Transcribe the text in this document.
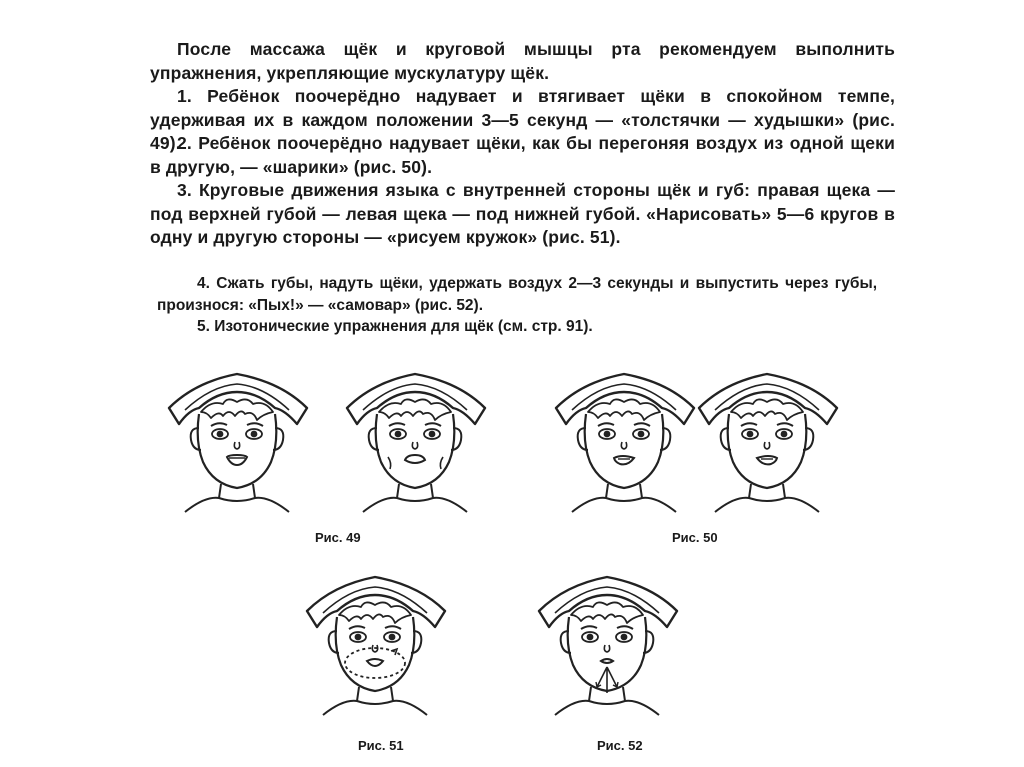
После массажа щёк и круговой мышцы рта рекомендуем выполнить упражнения, укрепляющие мускулатуру щёк.

1. Ребёнок поочерёдно надувает и втягивает щёки в спокойном темпе, удерживая их в каждом положении 3—5 секунд — «толстячки — худышки» (рис. 49).

2. Ребёнок поочерёдно надувает щёки, как бы перегоняя воздух из одной щеки в другую, — «шарики» (рис. 50).

3. Круговые движения языка с внутренней стороны щёк и губ: правая щека — под верхней губой — левая щека — под нижней губой. «Нарисовать» 5—6 кругов в одну и другую стороны — «рисуем кружок» (рис. 51).

4. Сжать губы, надуть щёки, удержать воздух 2—3 секунды и выпустить через губы, произнося: «Пых!» — «самовар» (рис. 52).

5. Изотонические упражнения для щёк (см. стр. 91).

Рис. 49	Рис. 50
Рис. 51	Рис. 52
